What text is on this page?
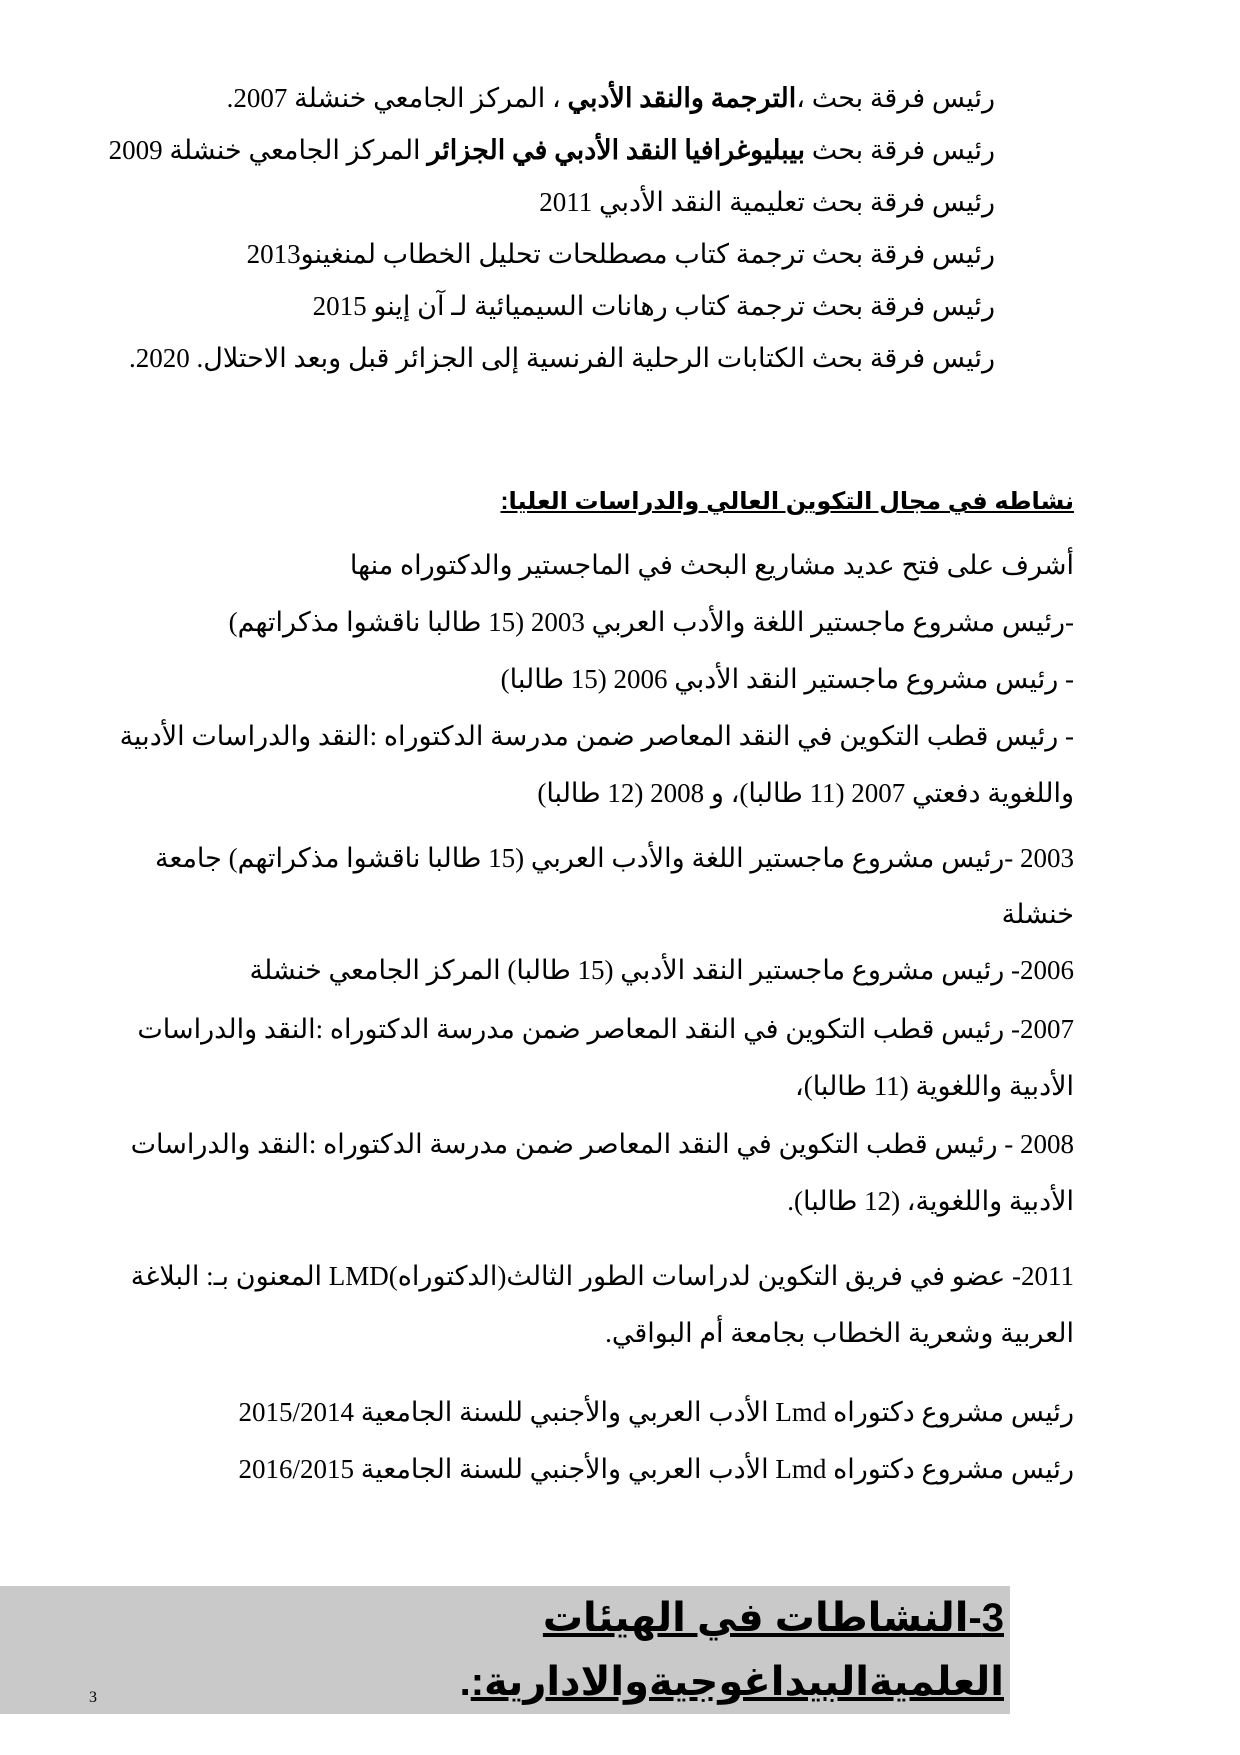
رئيس فرقة بحث ،الترجمة والنقد الأدبي ، المركز الجامعي خنشلة 2007.
رئيس فرقة بحث بيبليوغرافيا النقد الأدبي في الجزائر المركز الجامعي خنشلة 2009
رئيس فرقة بحث تعليمية النقد الأدبي 2011
رئيس فرقة بحث ترجمة كتاب مصطلحات تحليل الخطاب لمنغينو2013
رئيس فرقة بحث ترجمة كتاب رهانات السيميائية لـ آن إينو 2015
رئيس فرقة بحث الكتابات الرحلية الفرنسية إلى الجزائر قبل وبعد الاحتلال. 2020.
نشاطه في مجال التكوين العالي والدراسات العليا:
أشرف على فتح عديد مشاريع البحث في الماجستير والدكتوراه منها
-رئيس مشروع ماجستير اللغة والأدب العربي 2003 (15 طالبا ناقشوا مذكراتهم)
- رئيس مشروع ماجستير النقد الأدبي 2006 (15 طالبا)
- رئيس قطب التكوين في النقد المعاصر ضمن مدرسة الدكتوراه :النقد والدراسات الأدبية
واللغوية دفعتي 2007 (11 طالبا)، و 2008 (12 طالبا)
2003 -رئيس مشروع ماجستير اللغة والأدب العربي (15 طالبا ناقشوا مذكراتهم) جامعة
خنشلة
2006- رئيس مشروع ماجستير النقد الأدبي (15 طالبا) المركز الجامعي خنشلة
2007- رئيس قطب التكوين في النقد المعاصر ضمن مدرسة الدكتوراه :النقد والدراسات
الأدبية واللغوية (11 طالبا)،
2008 - رئيس قطب التكوين في النقد المعاصر ضمن مدرسة الدكتوراه :النقد والدراسات
الأدبية واللغوية، (12 طالبا).
2011- عضو في فريق التكوين لدراسات الطور الثالث(الدكتوراه)LMD المعنون بـ: البلاغة
العربية وشعرية الخطاب بجامعة أم البواقي.
رئيس مشروع دكتوراه Lmd الأدب العربي والأجنبي للسنة الجامعية 2015/2014
رئيس مشروع دكتوراه Lmd الأدب العربي والأجنبي للسنة الجامعية 2016/2015
3-النشاطات في الهيئات العلميةالبيداغوجيةوالادارية:.
3
